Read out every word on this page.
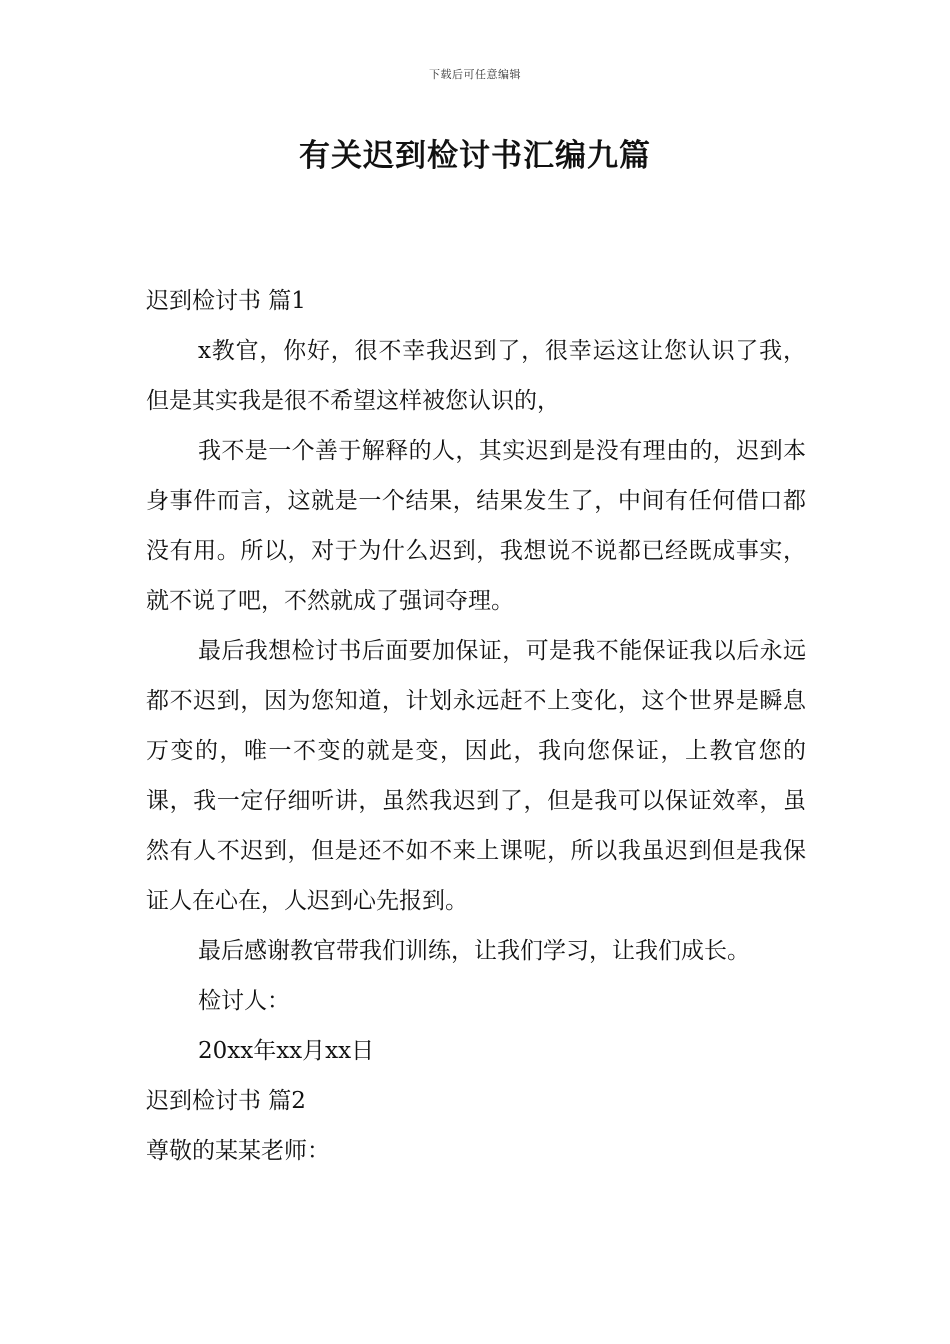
下载后可任意编辑
有关迟到检讨书汇编九篇

迟到检讨书 篇1

x教官，你好，很不幸我迟到了，很幸运这让您认识了我，但是其实我是很不希望这样被您认识的，

我不是一个善于解释的人，其实迟到是没有理由的，迟到本身事件而言，这就是一个结果，结果发生了，中间有任何借口都没有用。所以，对于为什么迟到，我想说不说都已经既成事实，就不说了吧，不然就成了强词夺理。

最后我想检讨书后面要加保证，可是我不能保证我以后永远都不迟到，因为您知道，计划永远赶不上变化，这个世界是瞬息万变的，唯一不变的就是变，因此，我向您保证，上教官您的课，我一定仔细听讲，虽然我迟到了，但是我可以保证效率，虽然有人不迟到，但是还不如不来上课呢，所以我虽迟到但是我保证人在心在，人迟到心先报到。

最后感谢教官带我们训练，让我们学习，让我们成长。

检讨人：

20xx年xx月xx日

迟到检讨书 篇2

尊敬的某某老师：
